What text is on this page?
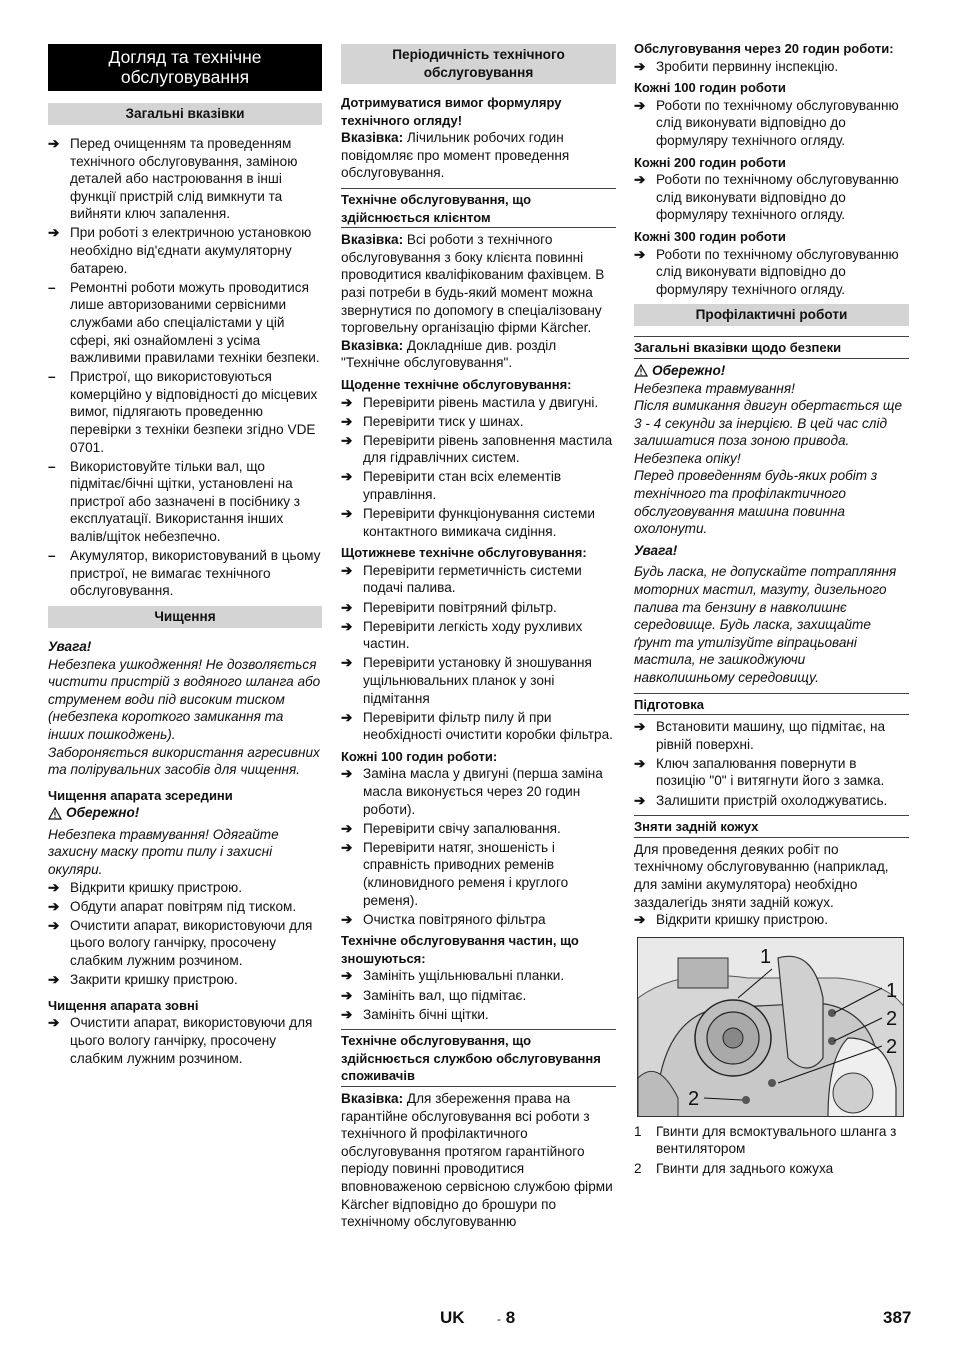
Догляд та технічне обслуговування
Загальні вказівки
➔ Перед очищенням та проведенням технічного обслуговування, заміною деталей або настроювання в інші функції пристрій слід вимкнути та вийняти ключ запалення.
➔ При роботі з електричною установкою необхідно від'єднати акумуляторну батарею.
–	Ремонтні роботи можуть проводитися лише авторизованими сервісними службами або спеціалістами у цій сфері, які ознайомлені з усіма важливими правилами техніки безпеки.
–	Пристрої, що використовуються комерційно у відповідності до місцевих вимог, підлягають проведенню перевірки з техніки безпеки згідно VDE 0701.
–	Використовуйте тільки вал, що підмітає/бічні щітки, установлені на пристрої або зазначені в посібнику з експлуатації. Використання інших валів/щіток небезпечно.
–	Акумулятор, використовуваний в цьому пристрої, не вимагає технічного обслуговування.
Чищення

Увага!

Небезпека ушкодження! Не дозволяється чистити пристрій з водяного шланга або струменем води під високим тиском (небезпека короткого замикання та інших пошкоджень).

Забороняється використання агресивних та полірувальних засобів для чищення.

Чищення апарата зсередини

Обережно!

Небезпека травмування! Одягайте захисну маску проти пилу і захисні окуляри.

➔ Відкрити кришку пристрою.
➔ Обдути апарат повітрям під тиском.
➔ Очистити апарат, використовуючи для цього вологу ганчірку, просочену слабким лужним розчином.
➔ Закрити кришку пристрою.

Чищення апарата зовні

➔ Очистити апарат, використовуючи для цього вологу ганчірку, просочену слабким лужним розчином.
Періодичність технічного обслуговування

Дотримуватися вимог формуляру технічного огляду!

Вказівка: Лічильник робочих годин повідомляє про момент проведення обслуговування.

Технічне обслуговування, що здійснюється клієнтом

Вказівка: Всі роботи з технічного обслуговування з боку клієнта повинні проводитися кваліфікованим фахівцем. В разі потреби в будь-який момент можна звернутися по допомогу в спеціалізовану торговельну організацію фірми Kärcher.

Вказівка: Докладніше див. розділ "Технічне обслуговування".

Щоденне технічне обслуговування:

➔ Перевірити рівень мастила у двигуні.
➔ Перевірити тиск у шинах.
➔ Перевірити рівень заповнення мастила для гідравлічних систем.
➔ Перевірити стан всіх елементів управління.
➔ Перевірити функціонування системи контактного вимикача сидіння.

Щотижневе технічне обслуговування:

➔ Перевірити герметичність системи подачі палива.
➔ Перевірити повітряний фільтр.
➔ Перевірити легкість ходу рухливих частин.
➔ Перевірити установку й зношування ущільнювальних планок у зоні підмітання
➔ Перевірити фільтр пилу й при необхідності очистити коробки фільтра.

Кожні 100 годин роботи:

➔ Заміна масла у двигуні (перша заміна масла виконується через 20 годин роботи).
➔ Перевірити свічу запалювання.
➔ Перевірити натяг, зношеність і справність приводних ременів (клиновидного ременя і круглого ременя).
➔ Очистка повітряного фільтра

Технічне обслуговування частин, що зношуються:

➔ Замініть ущільнювальні планки.
➔ Замініть вал, що підмітає.
➔ Замініть бічні щітки.

Технічне обслуговування, що здійснюється службою обслуговування споживачів

Вказівка: Для збереження права на гарантійне обслуговування всі роботи з технічного й профілактичного обслуговування протягом гарантійного періоду повинні проводитися вповноваженою сервісною службою фірми Kärcher відповідно до брошури по технічному обслуговуванню

Обслуговування через 20 годин роботи:

➔ Зробити первинну інспекцію.

Кожні 100 годин роботи

➔ Роботи по технічному обслуговуванню слід виконувати відповідно до формуляру технічного огляду.

Кожні 200 годин роботи

➔ Роботи по технічному обслуговуванню слід виконувати відповідно до формуляру технічного огляду.

Кожні 300 годин роботи

➔ Роботи по технічному обслуговуванню слід виконувати відповідно до формуляру технічного огляду.
Профілактичні роботи

Загальні вказівки щодо безпеки

Обережно!

Небезпека травмування!

Після вимикання двигун обертається ще 3 - 4 секунди за інерцією. В цей час слід залишатися поза зоною привода.

Небезпека опіку!

Перед проведенням будь-яких робіт з технічного та профілактичного обслуговування машина повинна охолонути.

Увага!

Будь ласка, не допускайте потрапляння моторних мастил, мазуту, дизельного палива та бензину в навколишнє середовище. Будь ласка, захищайте ґрунт та утилізуйте віпрацьовані мастила, не зашкоджуючи навколишньому середовищу.

Підготовка

➔ Встановити машину, що підмітає, на рівній поверхні.
➔ Ключ запалювання повернути в позицію "0" і витягнути його з замка.
➔ Залишити пристрій охолоджуватись.

Зняти задній кожух

Для проведення деяких робіт по технічному обслуговуванню (наприклад, для заміни акумулятора) необхідно заздалегідь зняти задній кожух.

➔ Відкрити кришку пристрою.
1
1
2
2
2
1	Гвинти для всмоктувального шланга з вентилятором
2	Гвинти для заднього кожуха
UK	- 8	387
